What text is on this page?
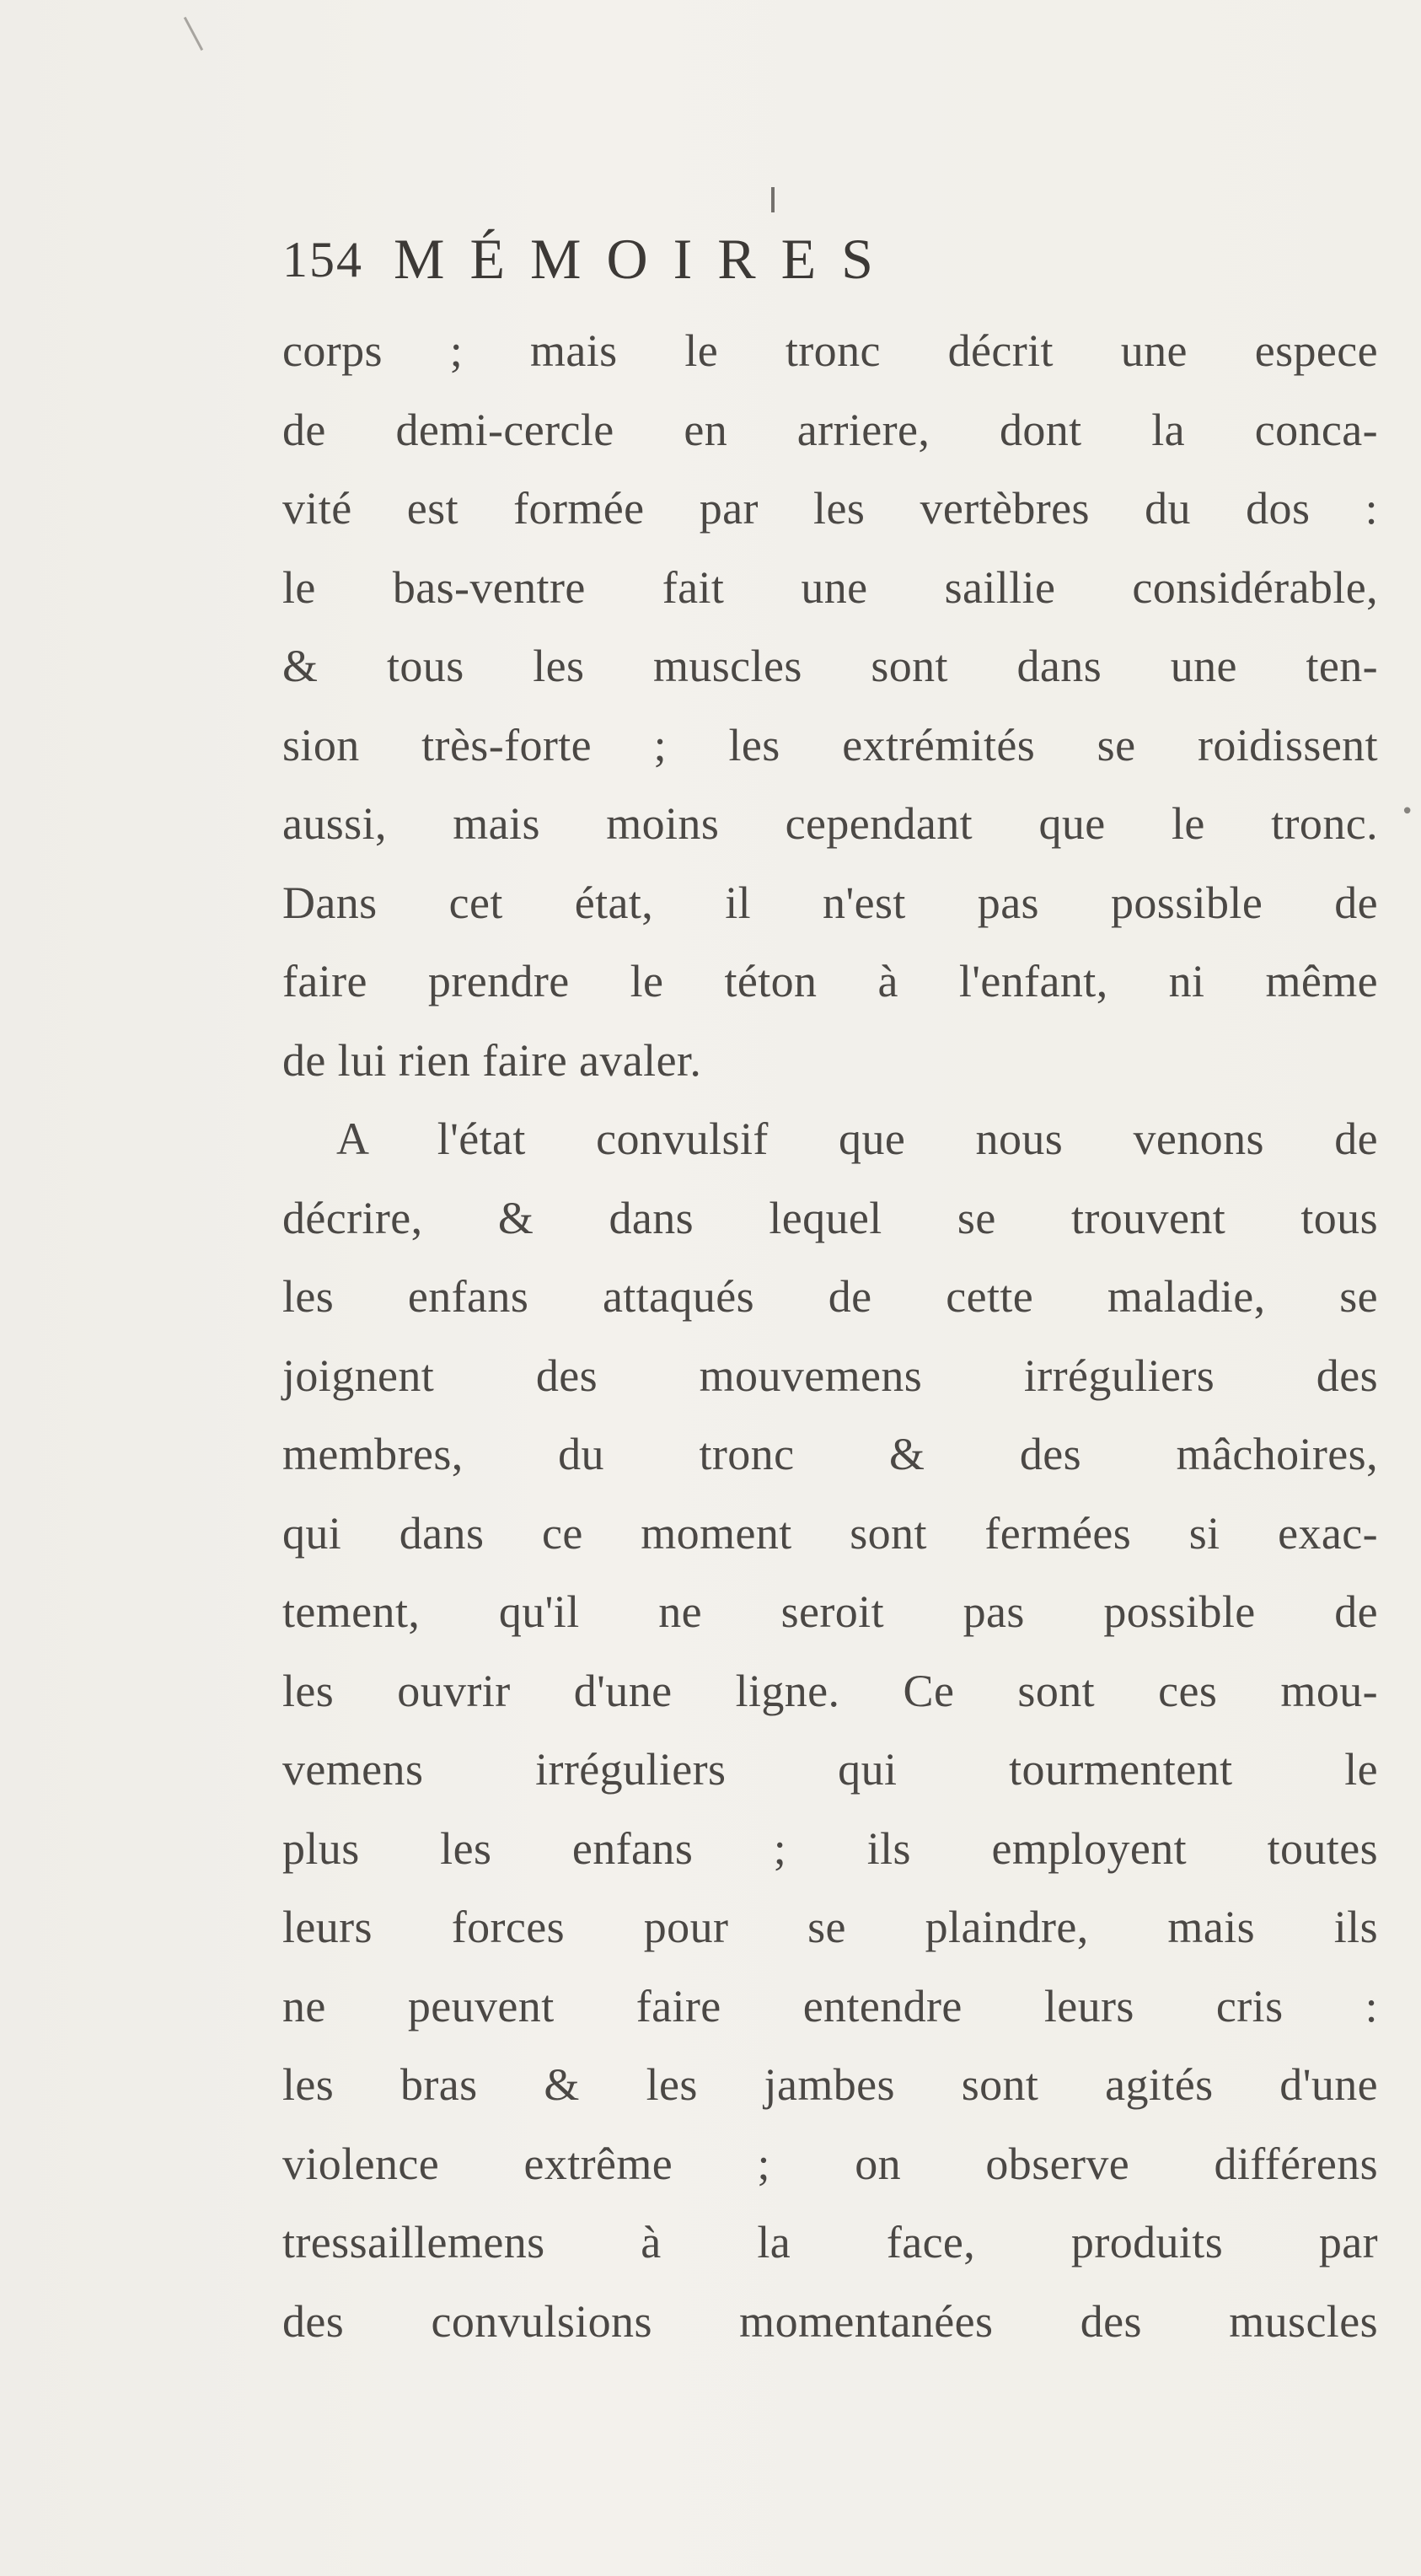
•
154 MÉMOIRES
corps ; mais le tronc décrit une espece
de demi-cercle en arriere, dont la conca-
vité est formée par les vertèbres du dos :
le bas-ventre fait une saillie considérable,
& tous les muscles sont dans une ten-
sion très-forte ; les extrémités se roidissent
aussi, mais moins cependant que le tronc.
Dans cet état, il n'est pas possible de
faire prendre le téton à l'enfant, ni même
de lui rien faire avaler.
A l'état convulsif que nous venons de
décrire, & dans lequel se trouvent tous
les enfans attaqués de cette maladie, se
joignent des mouvemens irréguliers des
membres, du tronc & des mâchoires,
qui dans ce moment sont fermées si exac-
tement, qu'il ne seroit pas possible de
les ouvrir d'une ligne. Ce sont ces mou-
vemens irréguliers qui tourmentent le
plus les enfans ; ils employent toutes
leurs forces pour se plaindre, mais ils
ne peuvent faire entendre leurs cris :
les bras & les jambes sont agités d'une
violence extrême ; on observe différens
tressaillemens à la face, produits par
des convulsions momentanées des muscles
